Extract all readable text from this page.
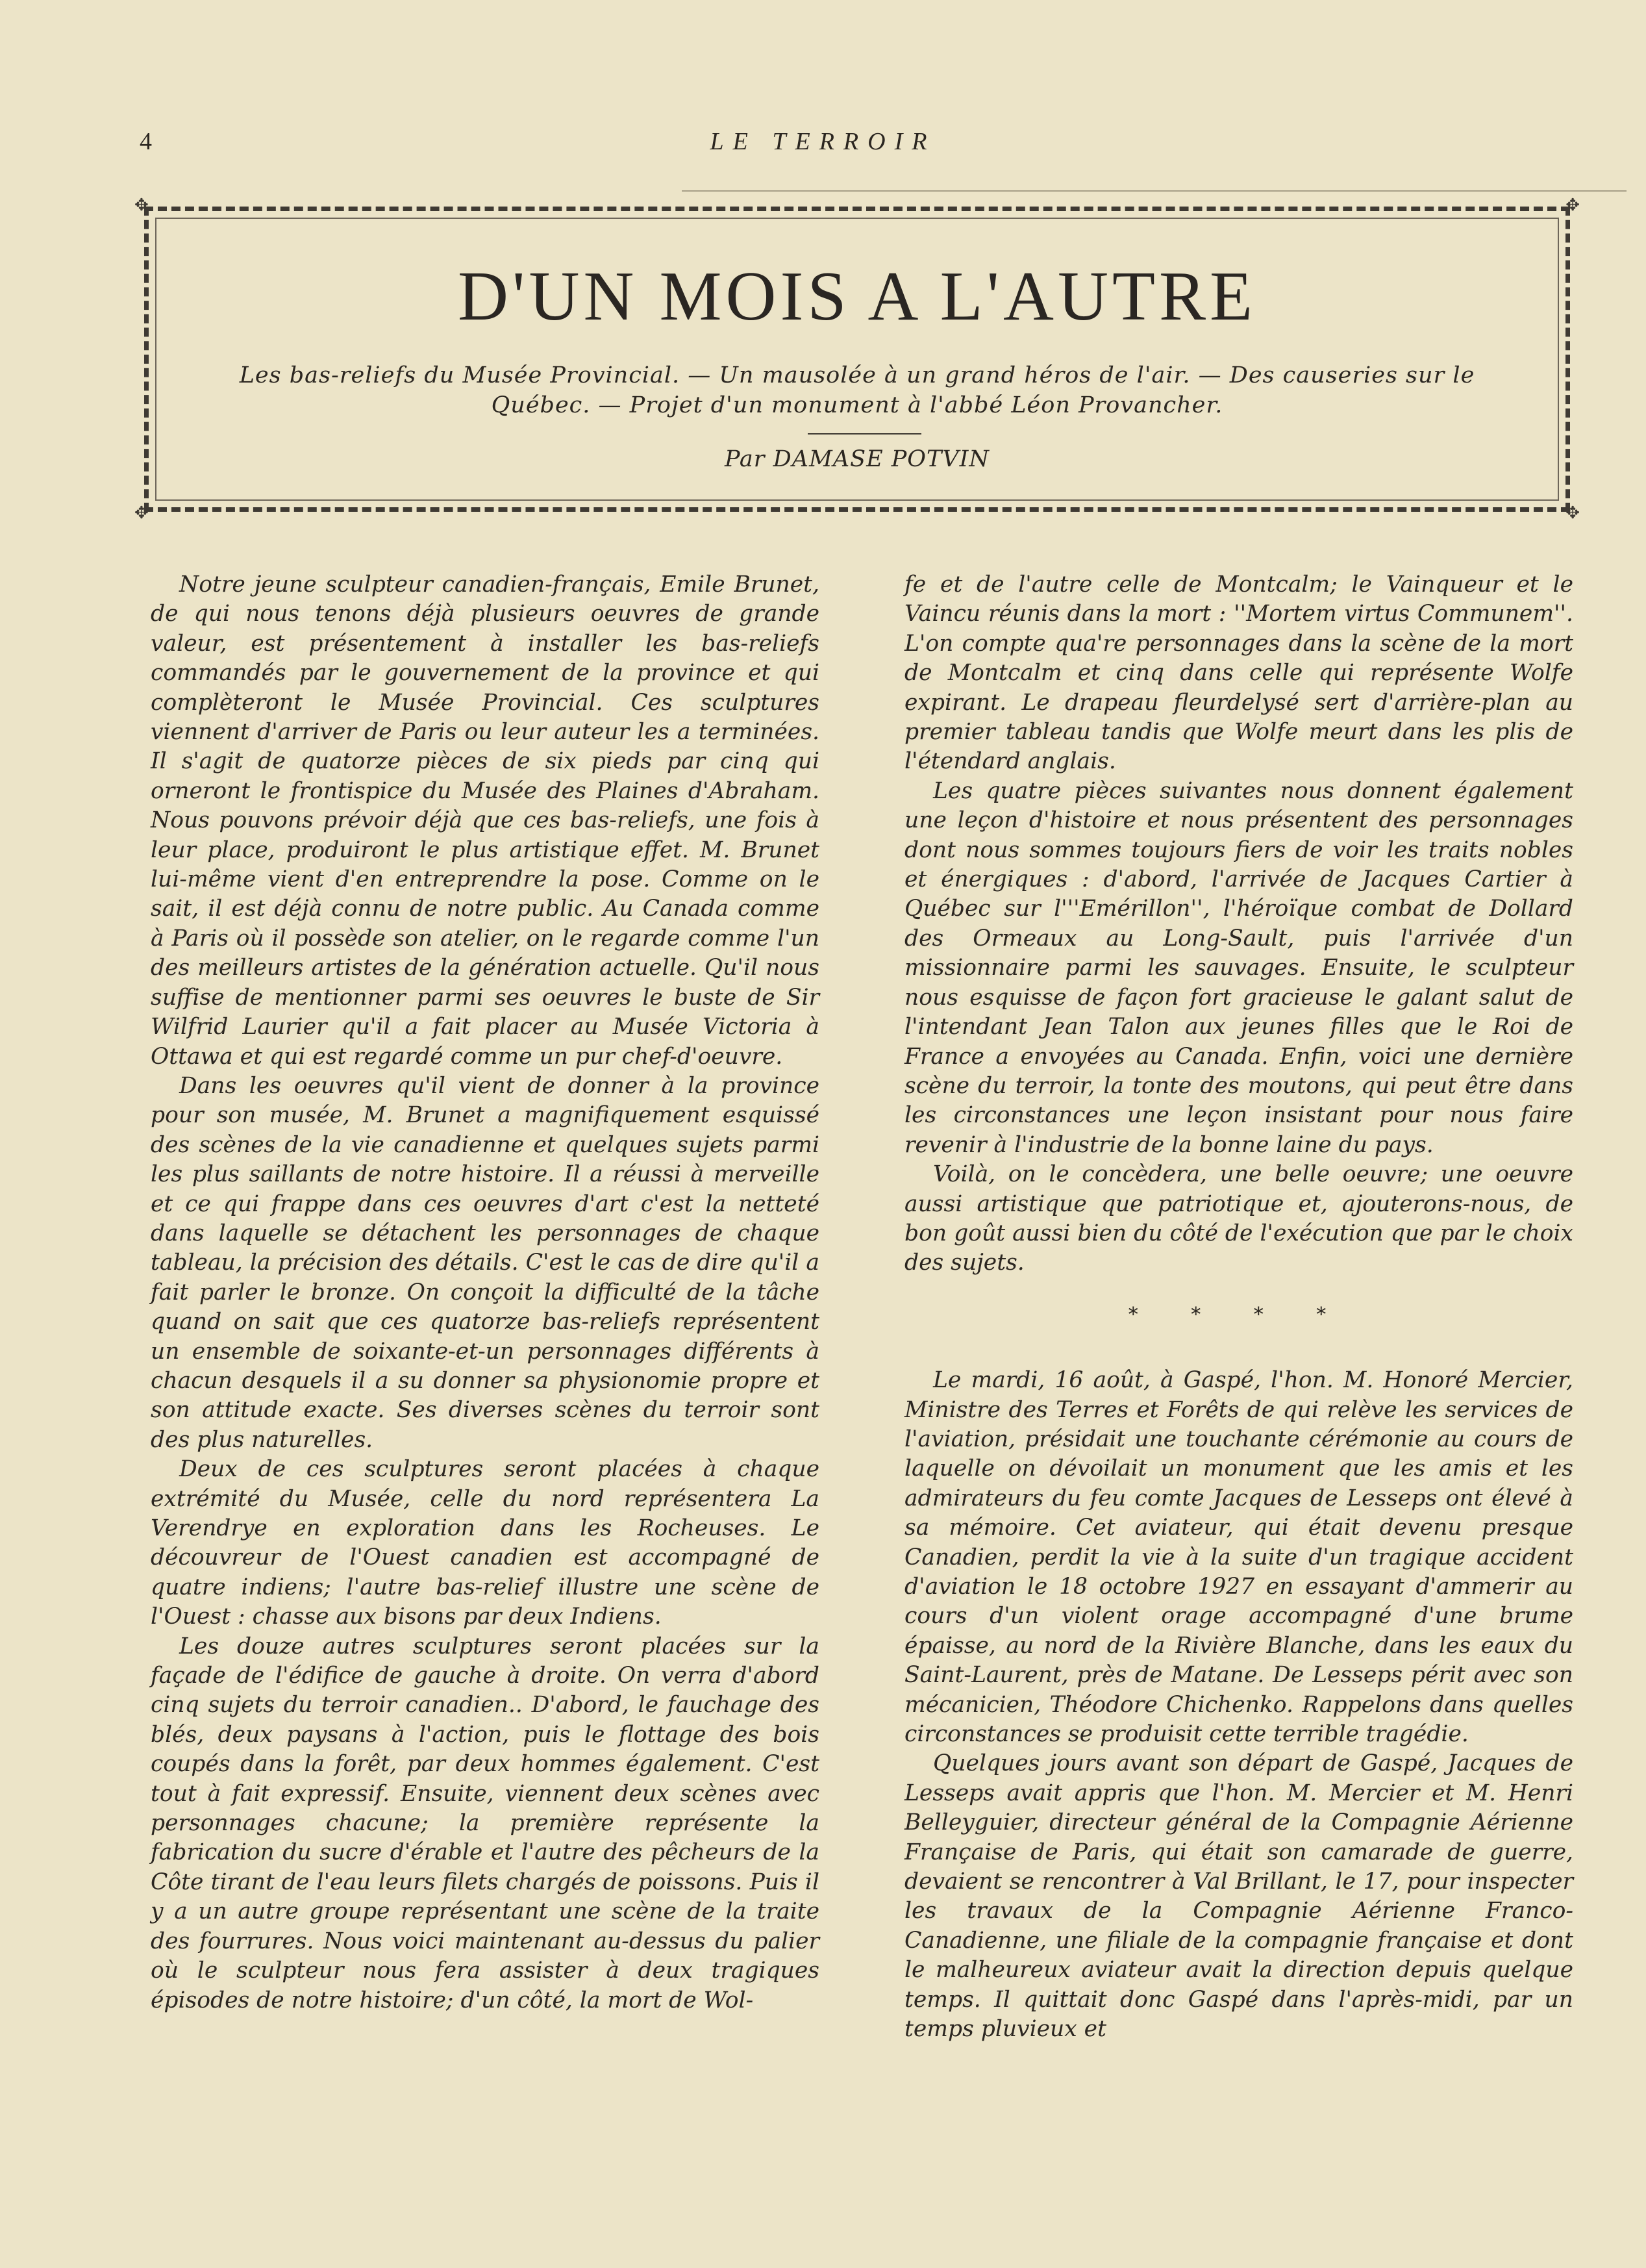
4	LE TERROIR
✥	✥
✥	✥
D'UN MOIS A L'AUTRE
Les bas-reliefs du Musée Provincial. — Un mausolée à un grand héros de l'air. — Des causeries sur le Québec. — Projet d'un monument à l'abbé Léon Provancher.
Par DAMASE POTVIN

Notre jeune sculpteur canadien-français, Emile Brunet, de qui nous tenons déjà plusieurs oeuvres de grande valeur, est présentement à installer les bas-reliefs commandés par le gouvernement de la province et qui complèteront le Musée Provincial. Ces sculptures viennent d'arriver de Paris ou leur auteur les a terminées. Il s'agit de quatorze pièces de six pieds par cinq qui orneront le frontispice du Musée des Plaines d'Abraham. Nous pouvons prévoir déjà que ces bas-reliefs, une fois à leur place, produiront le plus artistique effet. M. Brunet lui-même vient d'en entreprendre la pose. Comme on le sait, il est déjà connu de notre public. Au Canada comme à Paris où il possède son atelier, on le regarde comme l'un des meilleurs artistes de la génération actuelle. Qu'il nous suffise de mentionner parmi ses oeuvres le buste de Sir Wilfrid Laurier qu'il a fait placer au Musée Victoria à Ottawa et qui est regardé comme un pur chef-d'oeuvre.

Dans les oeuvres qu'il vient de donner à la province pour son musée, M. Brunet a magnifiquement esquissé des scènes de la vie canadienne et quelques sujets parmi les plus saillants de notre histoire. Il a réussi à merveille et ce qui frappe dans ces oeuvres d'art c'est la netteté dans laquelle se détachent les personnages de chaque tableau, la précision des détails. C'est le cas de dire qu'il a fait parler le bronze. On conçoit la difficulté de la tâche quand on sait que ces quatorze bas-reliefs représentent un ensemble de soixante-et-un personnages différents à chacun desquels il a su donner sa physionomie propre et son attitude exacte. Ses diverses scènes du terroir sont des plus naturelles.

Deux de ces sculptures seront placées à chaque extrémité du Musée, celle du nord représentera La Verendrye en exploration dans les Rocheuses. Le découvreur de l'Ouest canadien est accompagné de quatre indiens; l'autre bas-relief illustre une scène de l'Ouest : chasse aux bisons par deux Indiens.

Les douze autres sculptures seront placées sur la façade de l'édifice de gauche à droite. On verra d'abord cinq sujets du terroir canadien.. D'abord, le fauchage des blés, deux paysans à l'action, puis le flottage des bois coupés dans la forêt, par deux hommes également. C'est tout à fait expressif. Ensuite, viennent deux scènes avec personnages chacune; la première représente la fabrication du sucre d'érable et l'autre des pêcheurs de la Côte tirant de l'eau leurs filets chargés de poissons. Puis il y a un autre groupe représentant une scène de la traite des fourrures. Nous voici maintenant au-dessus du palier où le sculpteur nous fera assister à deux tragiques épisodes de notre histoire; d'un côté, la mort de Wol-

fe et de l'autre celle de Montcalm; le Vainqueur et le Vaincu réunis dans la mort : ''Mortem virtus Communem''. L'on compte qua're personnages dans la scène de la mort de Montcalm et cinq dans celle qui représente Wolfe expirant. Le drapeau fleurdelysé sert d'arrière-plan au premier tableau tandis que Wolfe meurt dans les plis de l'étendard anglais.

Les quatre pièces suivantes nous donnent également une leçon d'histoire et nous présentent des personnages dont nous sommes toujours fiers de voir les traits nobles et énergiques : d'abord, l'arrivée de Jacques Cartier à Québec sur l'''Emérillon'', l'héroïque combat de Dollard des Ormeaux au Long-Sault, puis l'arrivée d'un missionnaire parmi les sauvages. Ensuite, le sculpteur nous esquisse de façon fort gracieuse le galant salut de l'intendant Jean Talon aux jeunes filles que le Roi de France a envoyées au Canada. Enfin, voici une dernière scène du terroir, la tonte des moutons, qui peut être dans les circonstances une leçon insistant pour nous faire revenir à l'industrie de la bonne laine du pays.

Voilà, on le concèdera, une belle oeuvre; une oeuvre aussi artistique que patriotique et, ajouterons-nous, de bon goût aussi bien du côté de l'exécution que par le choix des sujets.

* * * *

Le mardi, 16 août, à Gaspé, l'hon. M. Honoré Mercier, Ministre des Terres et Forêts de qui relève les services de l'aviation, présidait une touchante cérémonie au cours de laquelle on dévoilait un monument que les amis et les admirateurs du feu comte Jacques de Lesseps ont élevé à sa mémoire. Cet aviateur, qui était devenu presque Canadien, perdit la vie à la suite d'un tragique accident d'aviation le 18 octobre 1927 en essayant d'ammerir au cours d'un violent orage accompagné d'une brume épaisse, au nord de la Rivière Blanche, dans les eaux du Saint-Laurent, près de Matane. De Lesseps périt avec son mécanicien, Théodore Chichenko. Rappelons dans quelles circonstances se produisit cette terrible tragédie.

Quelques jours avant son départ de Gaspé, Jacques de Lesseps avait appris que l'hon. M. Mercier et M. Henri Belleyguier, directeur général de la Compagnie Aérienne Française de Paris, qui était son camarade de guerre, devaient se rencontrer à Val Brillant, le 17, pour inspecter les travaux de la Compagnie Aérienne Franco-Canadienne, une filiale de la compagnie française et dont le malheureux aviateur avait la direction depuis quelque temps. Il quittait donc Gaspé dans l'après-midi, par un temps pluvieux et
